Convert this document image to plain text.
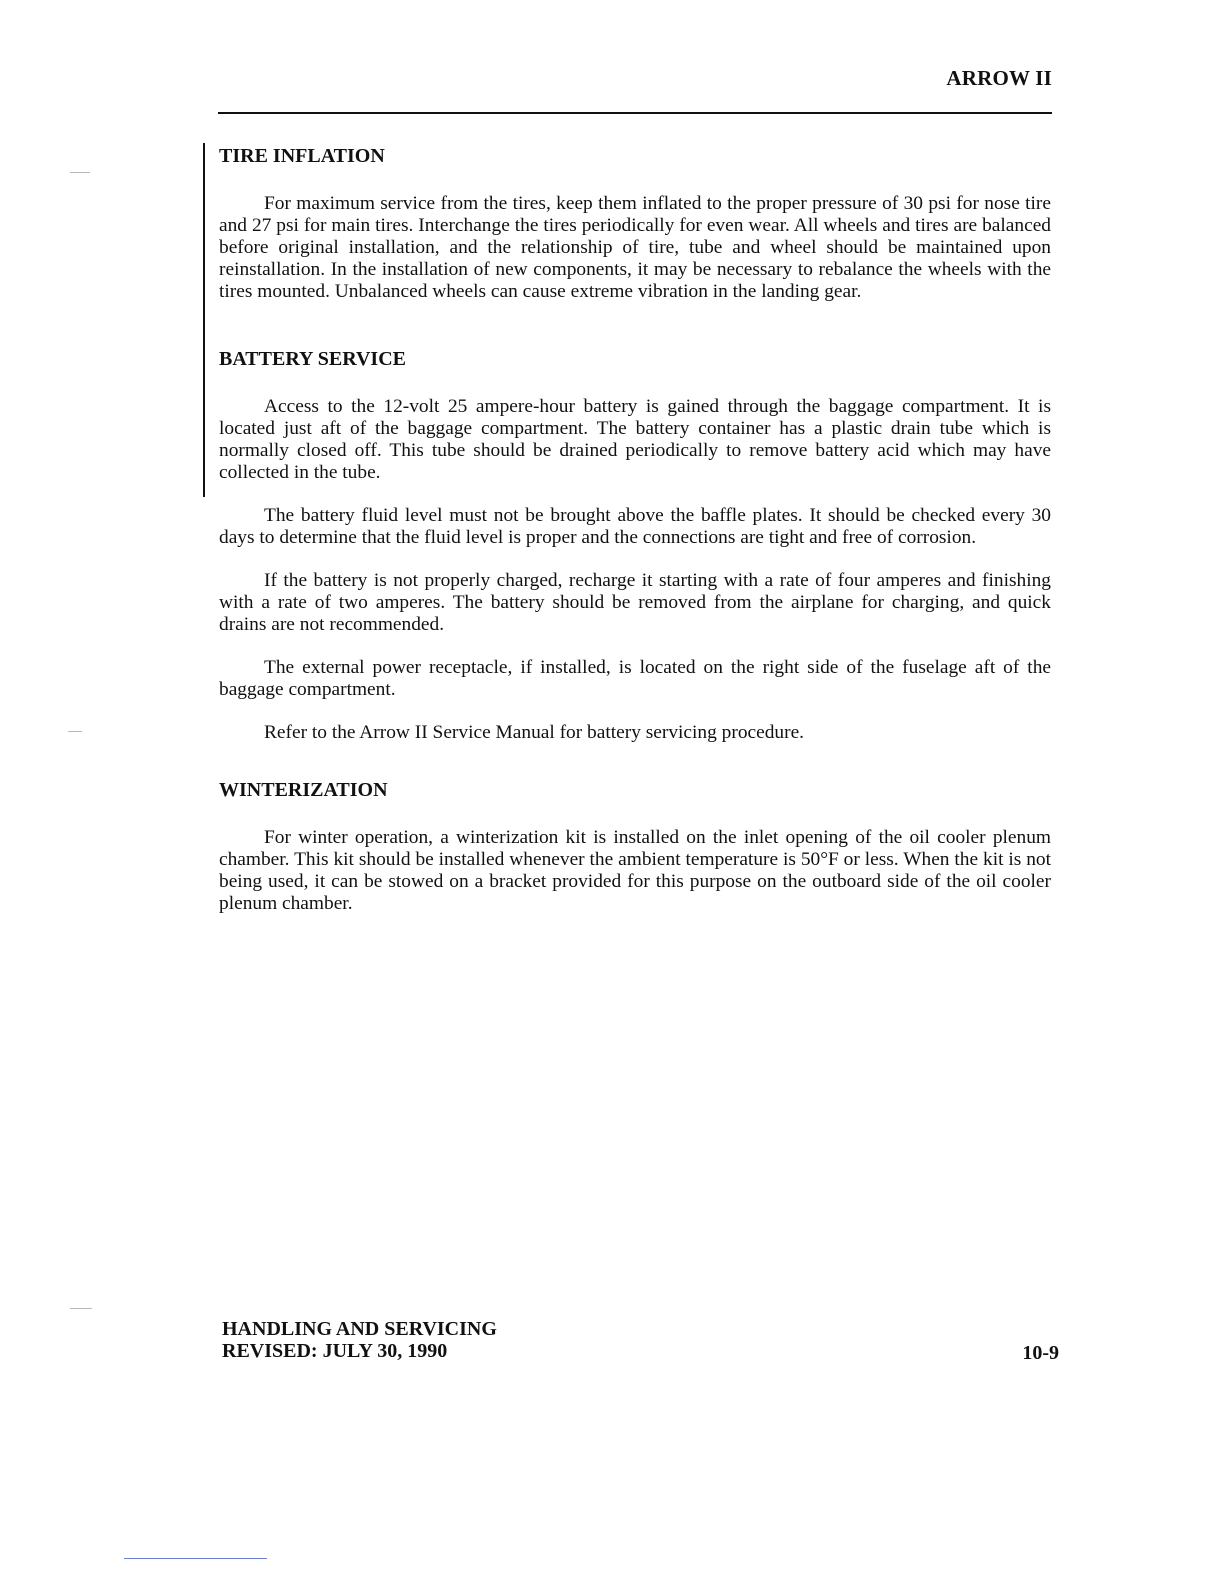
ARROW II
TIRE INFLATION

For maximum service from the tires, keep them inflated to the proper pressure of 30 psi for nose tire and 27 psi for main tires. Interchange the tires periodically for even wear. All wheels and tires are balanced before original installation, and the relationship of tire, tube and wheel should be maintained upon reinstallation. In the installation of new components, it may be necessary to rebalance the wheels with the tires mounted. Unbalanced wheels can cause extreme vibration in the landing gear.

BATTERY SERVICE

Access to the 12-volt 25 ampere-hour battery is gained through the baggage compartment. It is located just aft of the baggage compartment. The battery container has a plastic drain tube which is normally closed off. This tube should be drained periodically to remove battery acid which may have collected in the tube.

The battery fluid level must not be brought above the baffle plates. It should be checked every 30 days to determine that the fluid level is proper and the connections are tight and free of corrosion.

If the battery is not properly charged, recharge it starting with a rate of four amperes and finishing with a rate of two amperes. The battery should be removed from the airplane for charging, and quick drains are not recommended.

The external power receptacle, if installed, is located on the right side of the fuselage aft of the baggage compartment.

Refer to the Arrow II Service Manual for battery servicing procedure.

WINTERIZATION

For winter operation, a winterization kit is installed on the inlet opening of the oil cooler plenum chamber. This kit should be installed whenever the ambient temperature is 50°F or less. When the kit is not being used, it can be stowed on a bracket provided for this purpose on the outboard side of the oil cooler plenum chamber.

HANDLING AND SERVICING
REVISED: JULY 30, 1990	10-9
